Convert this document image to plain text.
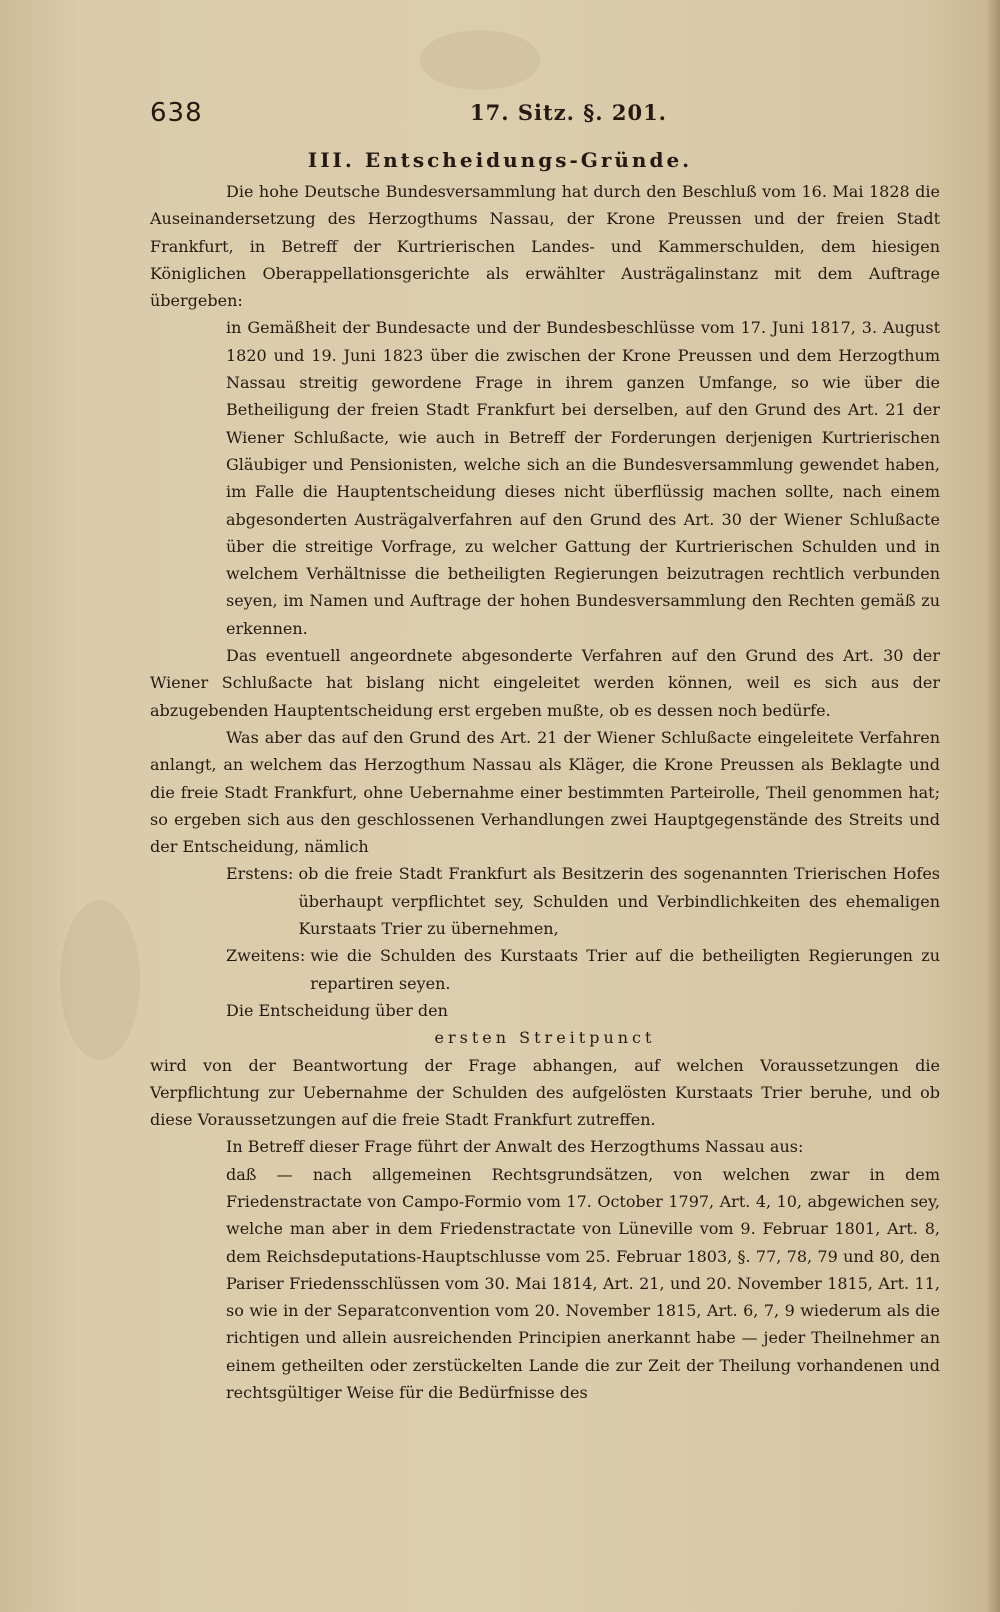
638	17. Sitz. §. 201.
III. Entscheidungs-Gründe.

Die hohe Deutsche Bundesversammlung hat durch den Beschluß vom 16. Mai 1828 die Auseinandersetzung des Herzogthums Nassau, der Krone Preussen und der freien Stadt Frankfurt, in Betreff der Kurtrierischen Landes- und Kammerschulden, dem hiesigen Königlichen Oberappellationsgerichte als erwählter Austrägalinstanz mit dem Auftrage übergeben:

in Gemäßheit der Bundesacte und der Bundesbeschlüsse vom 17. Juni 1817, 3. August 1820 und 19. Juni 1823 über die zwischen der Krone Preussen und dem Herzogthum Nassau streitig gewordene Frage in ihrem ganzen Umfange, so wie über die Betheiligung der freien Stadt Frankfurt bei derselben, auf den Grund des Art. 21 der Wiener Schlußacte, wie auch in Betreff der Forderungen derjenigen Kurtrierischen Gläubiger und Pensionisten, welche sich an die Bundesversammlung gewendet haben, im Falle die Hauptentscheidung dieses nicht überflüssig machen sollte, nach einem abgesonderten Austrägalverfahren auf den Grund des Art. 30 der Wiener Schlußacte über die streitige Vorfrage, zu welcher Gattung der Kurtrierischen Schulden und in welchem Verhältnisse die betheiligten Regierungen beizutragen rechtlich verbunden seyen, im Namen und Auftrage der hohen Bundesversammlung den Rechten gemäß zu erkennen.

Das eventuell angeordnete abgesonderte Verfahren auf den Grund des Art. 30 der Wiener Schlußacte hat bislang nicht eingeleitet werden können, weil es sich aus der abzugebenden Hauptentscheidung erst ergeben mußte, ob es dessen noch bedürfe.

Was aber das auf den Grund des Art. 21 der Wiener Schlußacte eingeleitete Verfahren anlangt, an welchem das Herzogthum Nassau als Kläger, die Krone Preussen als Beklagte und die freie Stadt Frankfurt, ohne Uebernahme einer bestimmten Parteirolle, Theil genommen hat; so ergeben sich aus den geschlossenen Verhandlungen zwei Hauptgegenstände des Streits und der Entscheidung, nämlich

Erstens: ob die freie Stadt Frankfurt als Besitzerin des sogenannten Trierischen Hofes überhaupt verpflichtet sey, Schulden und Verbindlichkeiten des ehemaligen Kurstaats Trier zu übernehmen,
Zweitens: wie die Schulden des Kurstaats Trier auf die betheiligten Regierungen zu repartiren seyen.

Die Entscheidung über den

ersten Streitpunct

wird von der Beantwortung der Frage abhangen, auf welchen Voraussetzungen die Verpflichtung zur Uebernahme der Schulden des aufgelösten Kurstaats Trier beruhe, und ob diese Voraussetzungen auf die freie Stadt Frankfurt zutreffen.

In Betreff dieser Frage führt der Anwalt des Herzogthums Nassau aus:

daß — nach allgemeinen Rechtsgrundsätzen, von welchen zwar in dem Friedenstractate von Campo-Formio vom 17. October 1797, Art. 4, 10, abgewichen sey, welche man aber in dem Friedenstractate von Lüneville vom 9. Februar 1801, Art. 8, dem Reichsdeputations-Hauptschlusse vom 25. Februar 1803, §. 77, 78, 79 und 80, den Pariser Friedensschlüssen vom 30. Mai 1814, Art. 21, und 20. November 1815, Art. 11, so wie in der Separatconvention vom 20. November 1815, Art. 6, 7, 9 wiederum als die richtigen und allein ausreichenden Principien anerkannt habe — jeder Theilnehmer an einem getheilten oder zerstückelten Lande die zur Zeit der Theilung vorhandenen und rechtsgültiger Weise für die Bedürfnisse des
